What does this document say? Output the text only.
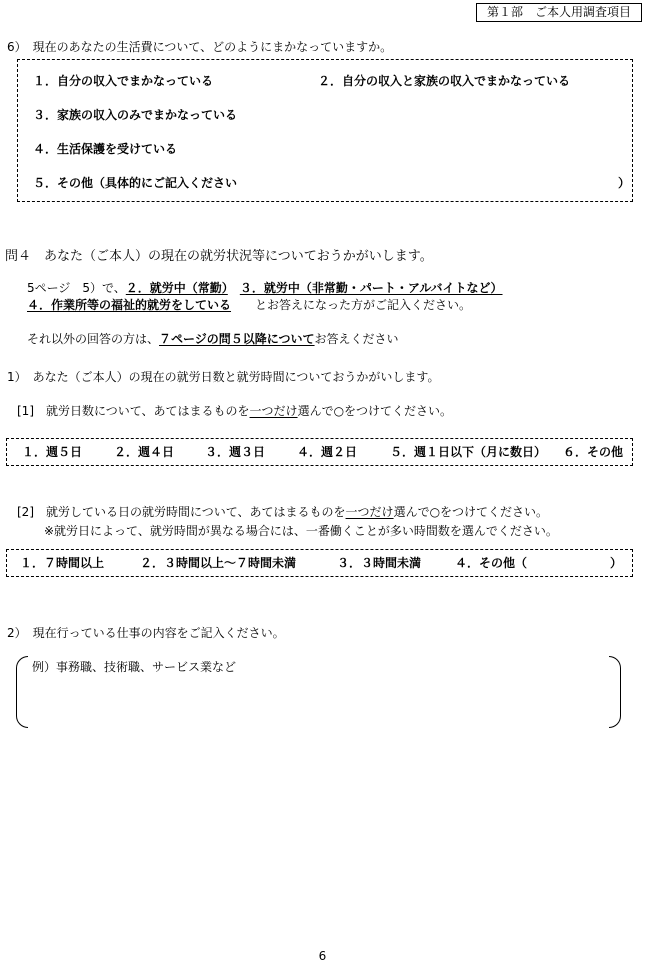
第１部　ご本人用調査項目
6）　現在のあなたの生活費について、どのようにまかなっていますか。
１．自分の収入でまかなっている	２．自分の収入と家族の収入でまかなっている
３．家族の収入のみでまかなっている
４．生活保護を受けている
５．その他（具体的にご記入ください	）
問４　あなた（ご本人）の現在の就労状況等についておうかがいします。
5ページ　5）で、２．就労中（常勤）　 ３．就労中（非常勤・パート・アルバイトなど）
４．作業所等の福祉的就労をしている　　 とお答えになった方がご記入ください。
それ以外の回答の方は、７ページの問５以降についてお答えください
1）　あなた（ご本人）の現在の就労日数と就労時間についておうかがいします。
[1]　 就労日数について、あてはまるものを一つだけ選んで○をつけてください。
１．週５日	２．週４日	３．週３日	４．週２日	５．週１日以下（月に数日） ６．その他
[2]　 就労している日の就労時間について、あてはまるものを一つだけ選んで○をつけてください。
※就労日によって、就労時間が異なる場合には、一番働くことが多い時間数を選んでください。
１．７時間以上	２．３時間以上～７時間未満	３．３時間未満	４．その他（	）
2）　現在行っている仕事の内容をご記入ください。
例）事務職、技術職、サービス業など
6
